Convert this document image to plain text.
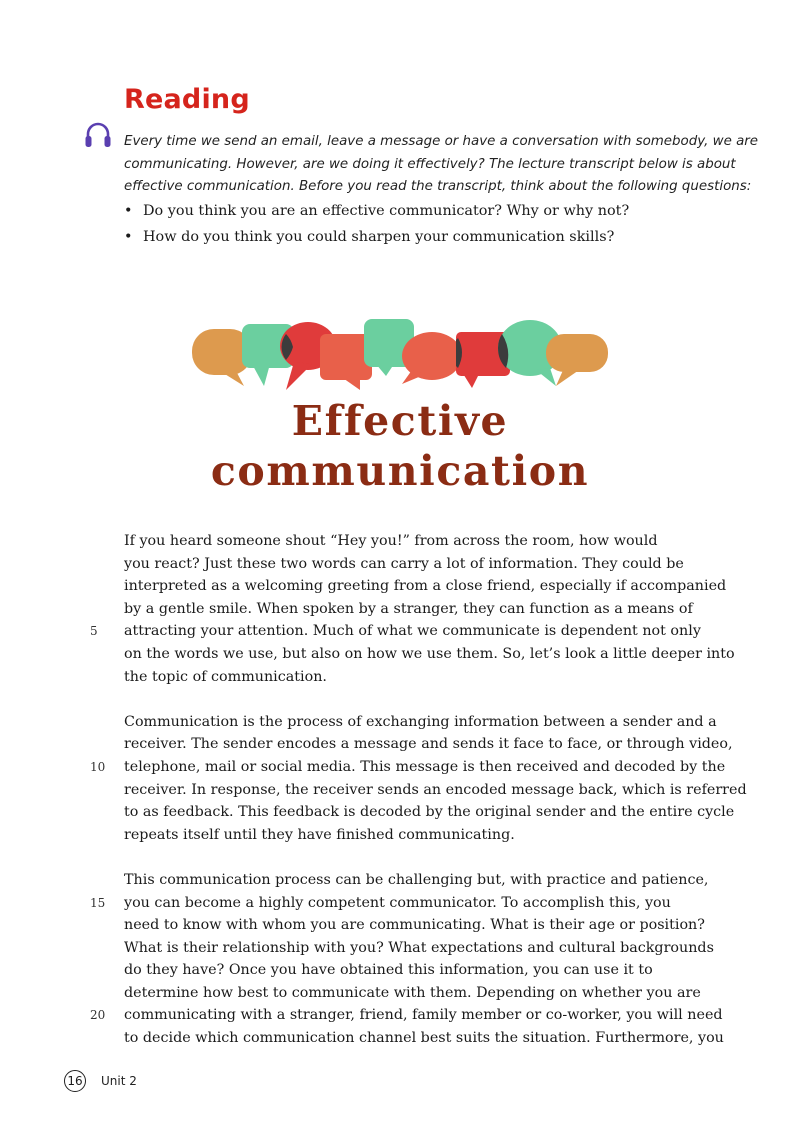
Reading
Every time we send an email, leave a message or have a conversation with somebody, we are
communicating. However, are we doing it effectively? The lecture transcript below is about
effective communication. Before you read the transcript, think about the following questions:
• Do you think you are an effective communicator? Why or why not?
• How do you think you could sharpen your communication skills?
Effective
communication
If you heard someone shout “Hey you!” from across the room, how would
you react? Just these two words can carry a lot of information. They could be
interpreted as a welcoming greeting from a close friend, especially if accompanied
by a gentle smile. When spoken by a stranger, they can function as a means of
5	attracting your attention. Much of what we communicate is dependent not only
on the words we use, but also on how we use them. So, let’s look a little deeper into
the topic of communication.
Communication is the process of exchanging information between a sender and a
receiver. The sender encodes a message and sends it face to face, or through video,
10	telephone, mail or social media. This message is then received and decoded by the
receiver. In response, the receiver sends an encoded message back, which is referred
to as feedback. This feedback is decoded by the original sender and the entire cycle
repeats itself until they have finished communicating.
This communication process can be challenging but, with practice and patience,
15	you can become a highly competent communicator. To accomplish this, you
need to know with whom you are communicating. What is their age or position?
What is their relationship with you? What expectations and cultural backgrounds
do they have? Once you have obtained this information, you can use it to
determine how best to communicate with them. Depending on whether you are
20	communicating with a stranger, friend, family member or co-worker, you will need
to decide which communication channel best suits the situation. Furthermore, you
16 Unit 2
